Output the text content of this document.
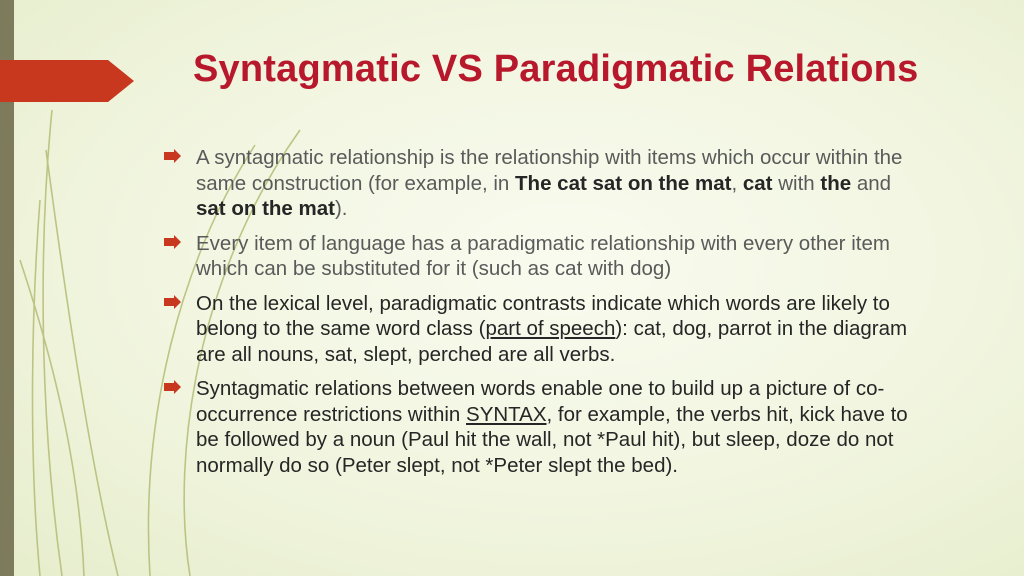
Syntagmatic VS Paradigmatic Relations
A syntagmatic relationship is the relationship with items which occur within the same construction (for example, in The cat sat on the mat, cat with the and sat on the mat).
Every item of language has a paradigmatic relationship with every other item which can be substituted for it (such as cat with dog)
On the lexical level, paradigmatic contrasts indicate which words are likely to belong to the same word class (part of speech): cat, dog, parrot in the diagram are all nouns, sat, slept, perched are all verbs.
Syntagmatic relations between words enable one to build up a picture of co-occurrence restrictions within SYNTAX, for example, the verbs hit, kick have to be followed by a noun (Paul hit the wall, not *Paul hit), but sleep, doze do not normally do so (Peter slept, not *Peter slept the bed).
